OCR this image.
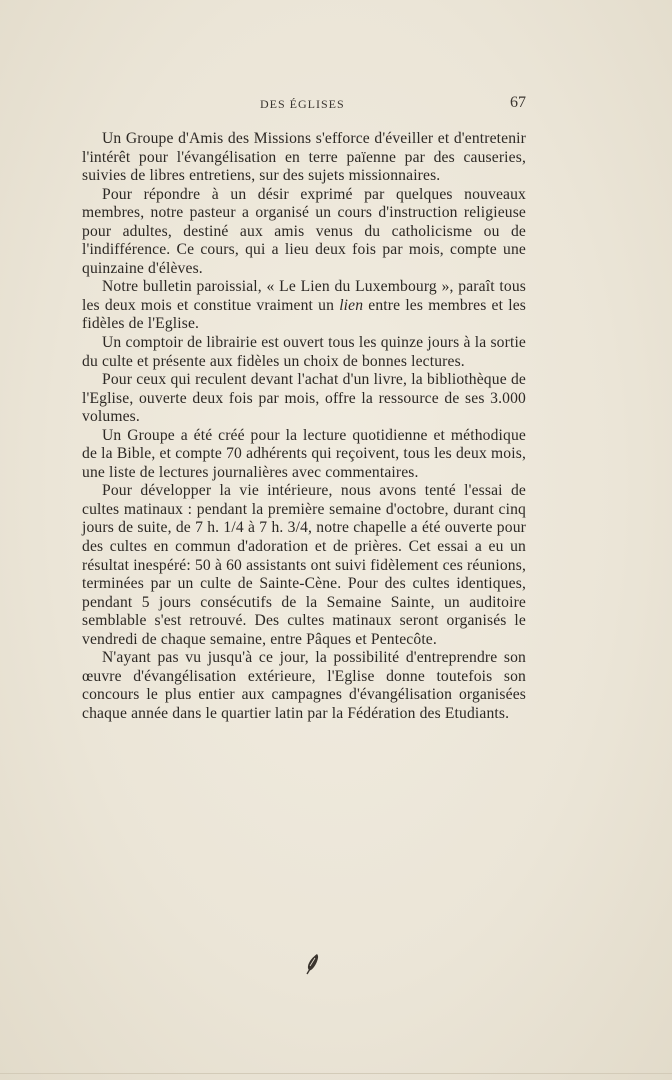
DES ÉGLISES	67

Un Groupe d'Amis des Missions s'efforce d'éveiller et d'entretenir l'intérêt pour l'évangélisation en terre païenne par des causeries, suivies de libres entretiens, sur des sujets missionnaires.

Pour répondre à un désir exprimé par quelques nouveaux membres, notre pasteur a organisé un cours d'instruction religieuse pour adultes, destiné aux amis venus du catholicisme ou de l'indifférence. Ce cours, qui a lieu deux fois par mois, compte une quinzaine d'élèves.

Notre bulletin paroissial, « Le Lien du Luxembourg », paraît tous les deux mois et constitue vraiment un lien entre les membres et les fidèles de l'Eglise.

Un comptoir de librairie est ouvert tous les quinze jours à la sortie du culte et présente aux fidèles un choix de bonnes lectures.

Pour ceux qui reculent devant l'achat d'un livre, la bibliothèque de l'Eglise, ouverte deux fois par mois, offre la ressource de ses 3.000 volumes.

Un Groupe a été créé pour la lecture quotidienne et méthodique de la Bible, et compte 70 adhérents qui reçoivent, tous les deux mois, une liste de lectures journalières avec commentaires.

Pour développer la vie intérieure, nous avons tenté l'essai de cultes matinaux : pendant la première semaine d'octobre, durant cinq jours de suite, de 7 h. 1/4 à 7 h. 3/4, notre chapelle a été ouverte pour des cultes en commun d'adoration et de prières. Cet essai a eu un résultat inespéré: 50 à 60 assistants ont suivi fidèlement ces réunions, terminées par un culte de Sainte-Cène. Pour des cultes identiques, pendant 5 jours consécutifs de la Semaine Sainte, un auditoire semblable s'est retrouvé. Des cultes matinaux seront organisés le vendredi de chaque semaine, entre Pâques et Pentecôte.

N'ayant pas vu jusqu'à ce jour, la possibilité d'entreprendre son œuvre d'évangélisation extérieure, l'Eglise donne toutefois son concours le plus entier aux campagnes d'évangélisation organisées chaque année dans le quartier latin par la Fédération des Etudiants.
